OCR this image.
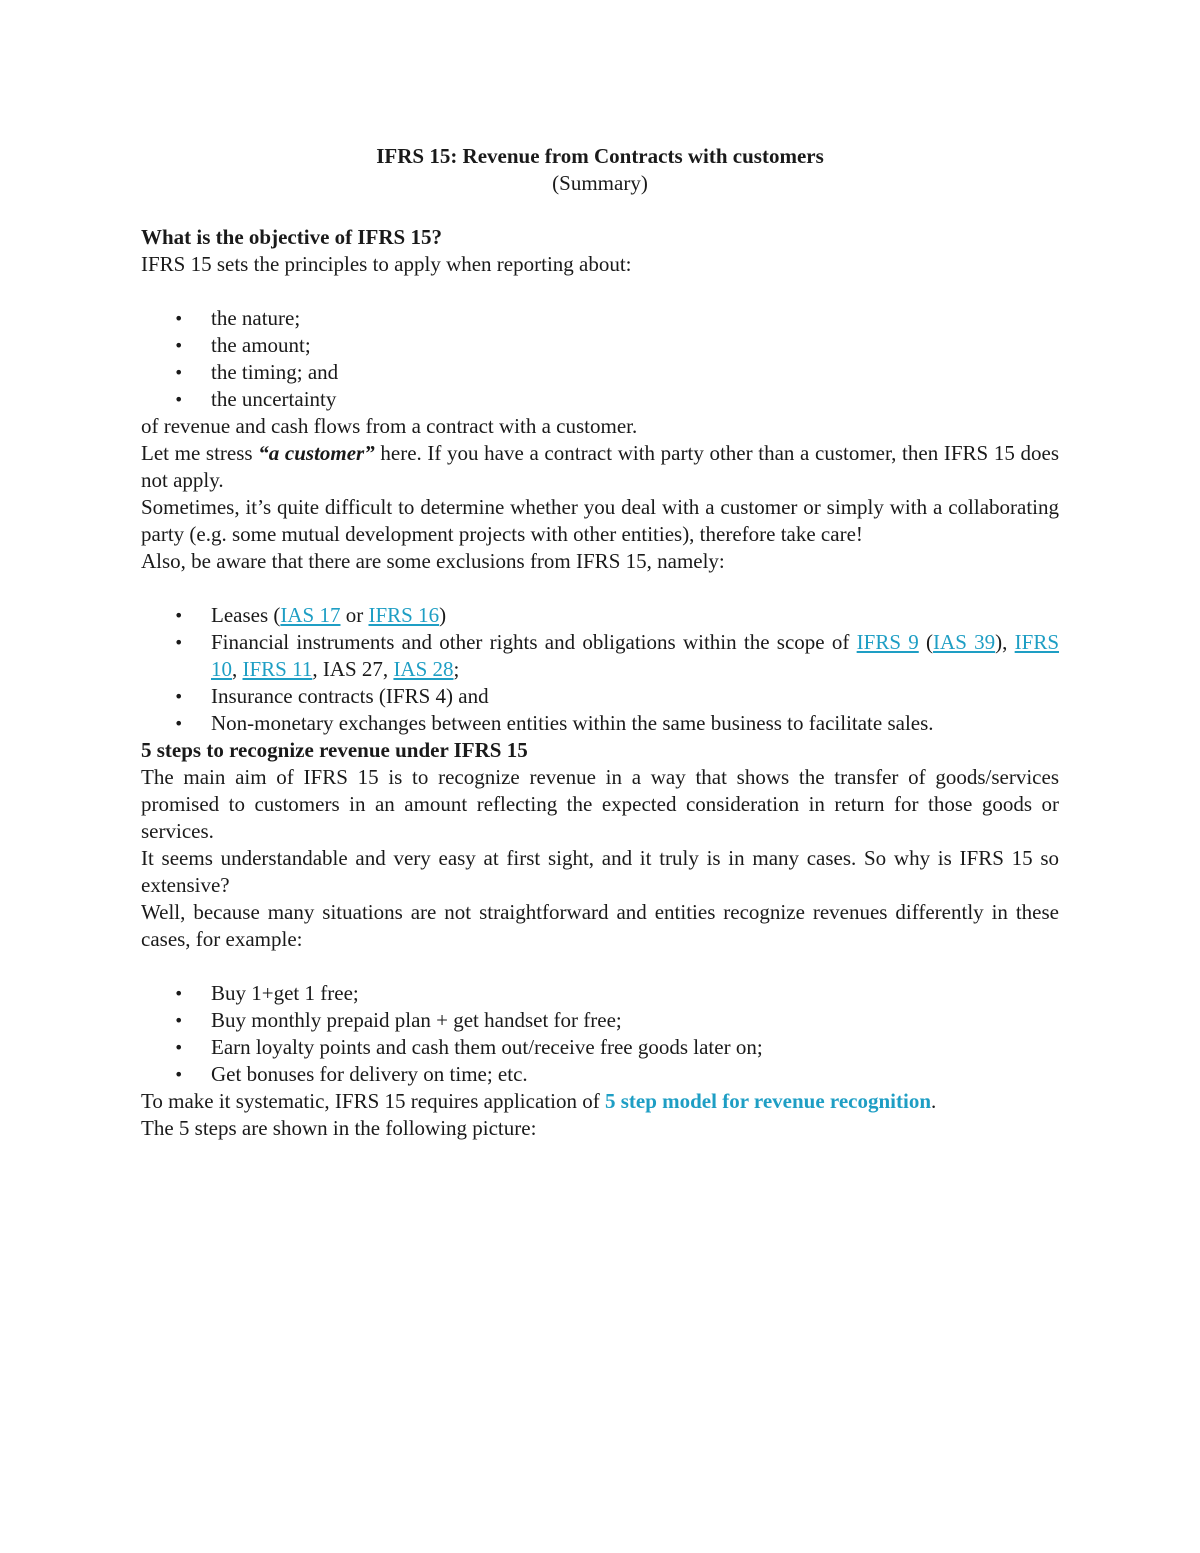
IFRS 15: Revenue from Contracts with customers

(Summary)

What is the objective of IFRS 15?

IFRS 15 sets the principles to apply when reporting about:

• the nature;
• the amount;
• the timing; and
• the uncertainty

of revenue and cash flows from a contract with a customer.

Let me stress “a customer” here. If you have a contract with party other than a customer, then IFRS 15 does not apply.

Sometimes, it’s quite difficult to determine whether you deal with a customer or simply with a collaborating party (e.g. some mutual development projects with other entities), therefore take care!

Also, be aware that there are some exclusions from IFRS 15, namely:

• Leases (IAS 17 or IFRS 16)
• Financial instruments and other rights and obligations within the scope of IFRS 9 (IAS 39), IFRS 10, IFRS 11, IAS 27, IAS 28;
• Insurance contracts (IFRS 4) and
• Non-monetary exchanges between entities within the same business to facilitate sales.
5 steps to recognize revenue under IFRS 15

The main aim of IFRS 15 is to recognize revenue in a way that shows the transfer of goods/services promised to customers in an amount reflecting the expected consideration in return for those goods or services.

It seems understandable and very easy at first sight, and it truly is in many cases. So why is IFRS 15 so extensive?

Well, because many situations are not straightforward and entities recognize revenues differently in these cases, for example:

• Buy 1+get 1 free;
• Buy monthly prepaid plan + get handset for free;
• Earn loyalty points and cash them out/receive free goods later on;
• Get bonuses for delivery on time; etc.

To make it systematic, IFRS 15 requires application of 5 step model for revenue recognition.

The 5 steps are shown in the following picture:
